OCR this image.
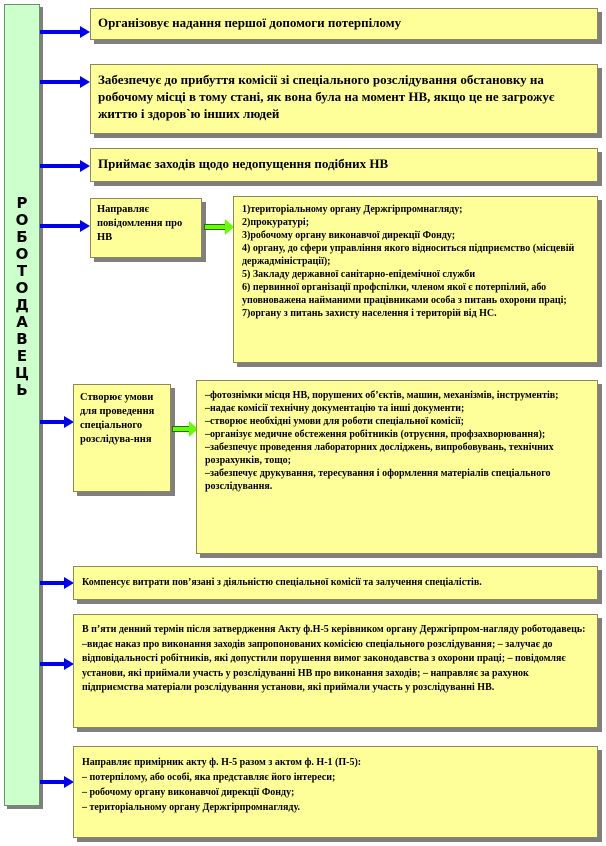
Р
О
Б
О
Т
О
Д
А
В
Е
Ц
Ь
Організовує надання першої допомоги потерпілому
Забезпечує до прибуття комісії зі спеціального розслідування обстановку на робочому місці в тому стані, як вона була на момент НВ, якщо це не загрожує життю і здоров`ю інших людей
Приймає заходів щодо недопущення подібних НВ
Направляє повідомлення про НВ
1)територіальному органу Держгірпромнагляду;
2)прокуратурі;
3)робочому органу виконавчої дирекції Фонду;
4) органу, до сфери управління якого відноситься підприємство (місцевій держадміністрації);
5) Закладу державної санітарно-епідемічної служби
6) первинної організації профспілки, членом якої є потерпілий, або уповноважена найманими працівниками особа з питань охорони праці;
7)органу з питань захисту населення і територій від НС.
Створює умови для проведення спеціального розслідува-ння
–фотознімки місця НВ, порушених об’єктів, машин, механізмів, інструментів;
–надає комісії технічну документацію та інші документи;
–створює необхідні умови для роботи спеціальної комісії;
–організує медичне обстеження робітників (отруєння, профзахворювання);
–забезпечує проведення лабораторних досліджень, випробовувань, технічних розрахунків, тощо;
–забезпечує друкування, тересування і оформлення матеріалів спеціального розслідування.
Компенсує витрати пов’язані з діяльністю спеціальної комісії та залучення спеціалістів.
В п’яти денний термін після затвердження Акту ф.Н-5 керівником органу Держгірпром-нагляду роботодавець: –видає наказ про виконання заходів запропонованих комісією спеціального розслідування; – залучає до відповідальності робітників, які допустили порушення вимог законодавства з охорони праці; – повідомляє установи, які приймали участь у розслідуванні НВ про виконання заходів; – направляє за рахунок підприємства матеріали розслідування установи, які приймали участь у розслідуванні НВ.
Направляє примірник акту ф. Н-5 разом з актом ф. Н-1 (П-5):
– потерпілому, або особі, яка представляє його інтереси;
– робочому органу виконавчої дирекції Фонду;
– територіальному органу Держгірпромнагляду.
